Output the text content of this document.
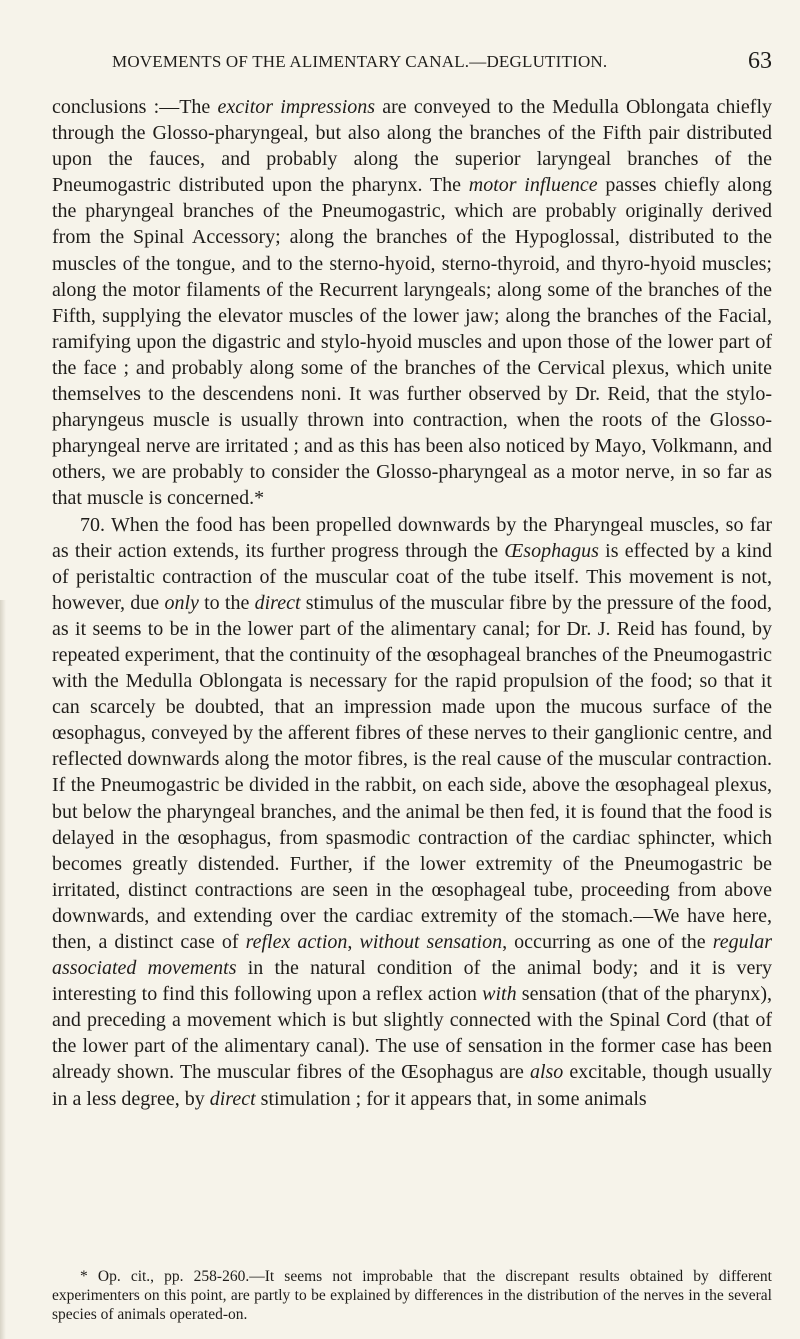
MOVEMENTS OF THE ALIMENTARY CANAL.—DEGLUTITION.	63

conclusions :—The excitor impressions are conveyed to the Medulla Oblongata chiefly through the Glosso-pharyngeal, but also along the branches of the Fifth pair distributed upon the fauces, and probably along the superior laryngeal branches of the Pneumogastric distributed upon the pharynx. The motor influence passes chiefly along the pharyngeal branches of the Pneumogastric, which are probably originally derived from the Spinal Accessory; along the branches of the Hypoglossal, distributed to the muscles of the tongue, and to the sterno-hyoid, sterno-thyroid, and thyro-hyoid muscles; along the motor filaments of the Recurrent laryngeals; along some of the branches of the Fifth, supplying the elevator muscles of the lower jaw; along the branches of the Facial, ramifying upon the digastric and stylo-hyoid muscles and upon those of the lower part of the face ; and probably along some of the branches of the Cervical plexus, which unite themselves to the descendens noni. It was further observed by Dr. Reid, that the stylo-pharyngeus muscle is usually thrown into contraction, when the roots of the Glosso-pharyngeal nerve are irritated ; and as this has been also noticed by Mayo, Volkmann, and others, we are probably to consider the Glosso-pharyngeal as a motor nerve, in so far as that muscle is concerned.*

70. When the food has been propelled downwards by the Pharyngeal muscles, so far as their action extends, its further progress through the Œsophagus is effected by a kind of peristaltic contraction of the muscular coat of the tube itself. This movement is not, however, due only to the direct stimulus of the muscular fibre by the pressure of the food, as it seems to be in the lower part of the alimentary canal; for Dr. J. Reid has found, by repeated experiment, that the continuity of the œsophageal branches of the Pneumogastric with the Medulla Oblongata is necessary for the rapid propulsion of the food; so that it can scarcely be doubted, that an impression made upon the mucous surface of the œsophagus, conveyed by the afferent fibres of these nerves to their ganglionic centre, and reflected downwards along the motor fibres, is the real cause of the muscular contraction. If the Pneumogastric be divided in the rabbit, on each side, above the œsophageal plexus, but below the pharyngeal branches, and the animal be then fed, it is found that the food is delayed in the œsophagus, from spasmodic contraction of the cardiac sphincter, which becomes greatly distended. Further, if the lower extremity of the Pneumogastric be irritated, distinct contractions are seen in the œsophageal tube, proceeding from above downwards, and extending over the cardiac extremity of the stomach.—We have here, then, a distinct case of reflex action, without sensation, occurring as one of the regular associated movements in the natural condition of the animal body; and it is very interesting to find this following upon a reflex action with sensation (that of the pharynx), and preceding a movement which is but slightly connected with the Spinal Cord (that of the lower part of the alimentary canal). The use of sensation in the former case has been already shown. The muscular fibres of the Œsophagus are also excitable, though usually in a less degree, by direct stimulation ; for it appears that, in some animals

* Op. cit., pp. 258-260.—It seems not improbable that the discrepant results obtained by different experimenters on this point, are partly to be explained by differences in the distribution of the nerves in the several species of animals operated-on.
